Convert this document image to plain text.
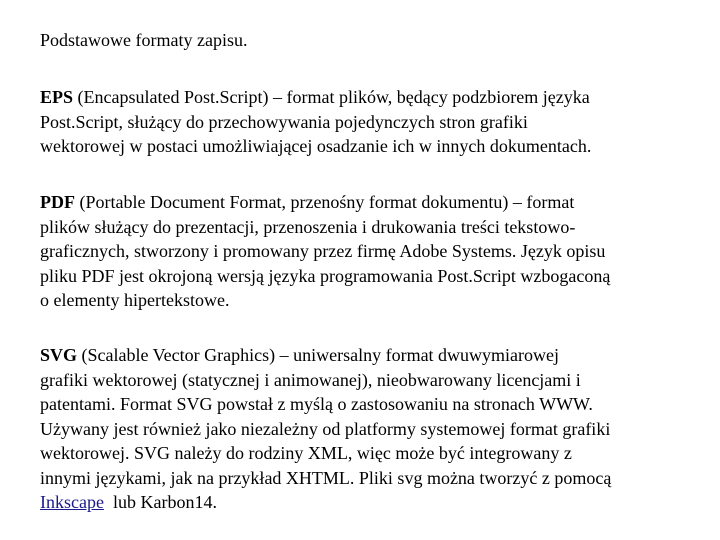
Podstawowe formaty zapisu.
EPS (Encapsulated Post.Script) – format plików, będący podzbiorem języka
Post.Script, służący do przechowywania pojedynczych stron grafiki
wektorowej w postaci umożliwiającej osadzanie ich w innych dokumentach.
PDF (Portable Document Format, przenośny format dokumentu) – format
plików służący do prezentacji, przenoszenia i drukowania treści tekstowo-
graficznych, stworzony i promowany przez firmę Adobe Systems. Język opisu
pliku PDF jest okrojoną wersją języka programowania Post.Script wzbogaconą
o elementy hipertekstowe.
SVG (Scalable Vector Graphics) – uniwersalny format dwuwymiarowej
grafiki wektorowej (statycznej i animowanej), nieobwarowany licencjami i
patentami. Format SVG powstał z myślą o zastosowaniu na stronach WWW.
Używany jest również jako niezależny od platformy systemowej format grafiki
wektorowej. SVG należy do rodziny XML, więc może być integrowany z
innymi językami, jak na przykład XHTML. Pliki svg można tworzyć z pomocą
Inkscape  lub Karbon14.
